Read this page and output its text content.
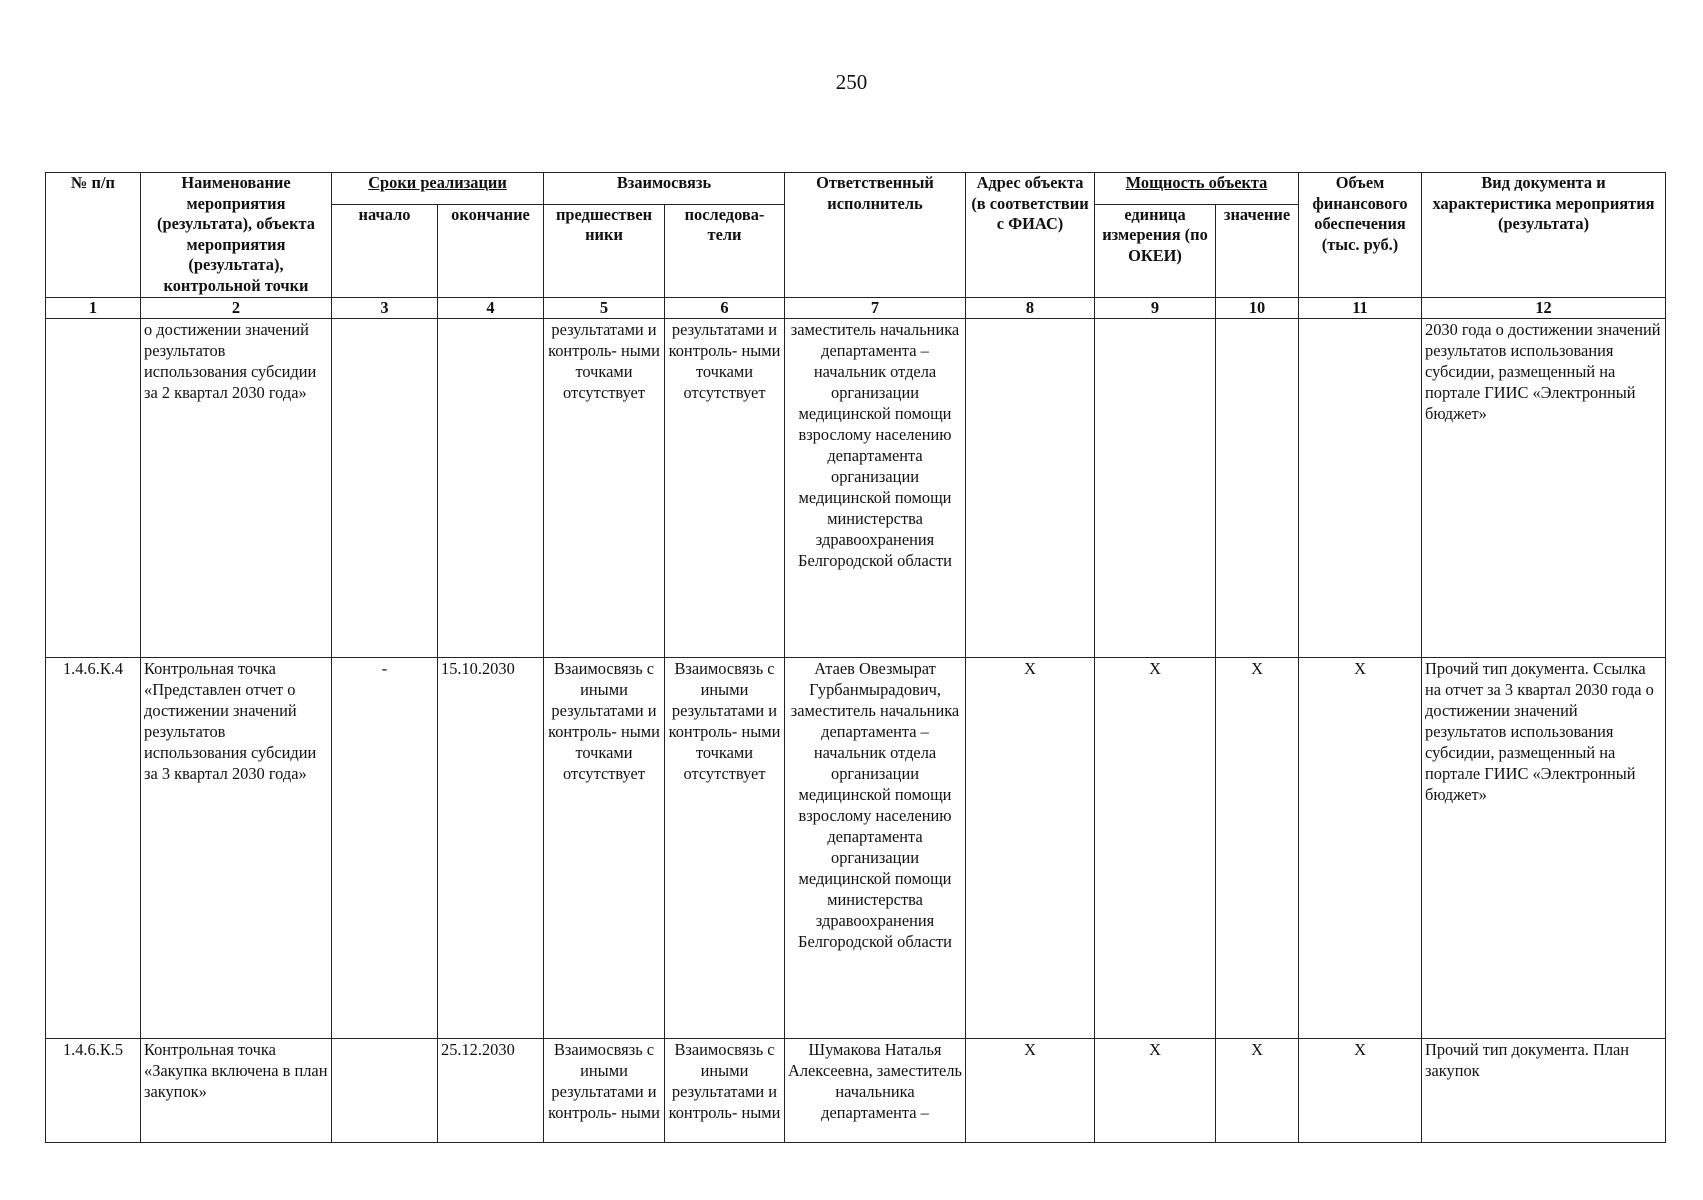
250
№ п/п	Наименование мероприятия (результата), объекта мероприятия (результата), контрольной точки	Сроки реализации		Взаимосвязь		Ответственный исполнитель	Адрес объекта (в соответствии с ФИАС)	Мощность объекта		Объем финансового обеспечения (тыс. руб.)	Вид документа и характеристика мероприятия (результата)
		начало	окончание	предшествен ники	последова- тели			единица измерения (по ОКЕИ)	значение		
1	2	3	4	5	6	7	8	9	10	11	12
	о достижении значений результатов использования субсидии за 2 квартал 2030 года»			результатами и контроль- ными точками отсутствует	результатами и контроль- ными точками отсутствует	заместитель начальника департамента – начальник отдела организации медицинской помощи взрослому населению департамента организации медицинской помощи министерства здравоохранения Белгородской области					2030 года о достижении значений результатов использования субсидии, размещенный на портале ГИИС «Электронный бюджет»
1.4.6.К.4	Контрольная точка «Представлен отчет о достижении значений результатов использования субсидии за 3 квартал 2030 года»	-	15.10.2030	Взаимосвязь с иными результатами и контроль- ными точками отсутствует	Взаимосвязь с иными результатами и контроль- ными точками отсутствует	Атаев Овезмырат Гурбанмырадович, заместитель начальника департамента – начальник отдела организации медицинской помощи взрослому населению департамента организации медицинской помощи министерства здравоохранения Белгородской области	Х	Х	Х	Х	Прочий тип документа. Ссылка на отчет за 3 квартал 2030 года о достижении значений результатов использования субсидии, размещенный на портале ГИИС «Электронный бюджет»
1.4.6.К.5	Контрольная точка «Закупка включена в план закупок»		25.12.2030	Взаимосвязь с иными результатами и контроль- ными	Взаимосвязь с иными результатами и контроль- ными	Шумакова Наталья Алексеевна, заместитель начальника департамента –	Х	Х	Х	Х	Прочий тип документа. План закупок
